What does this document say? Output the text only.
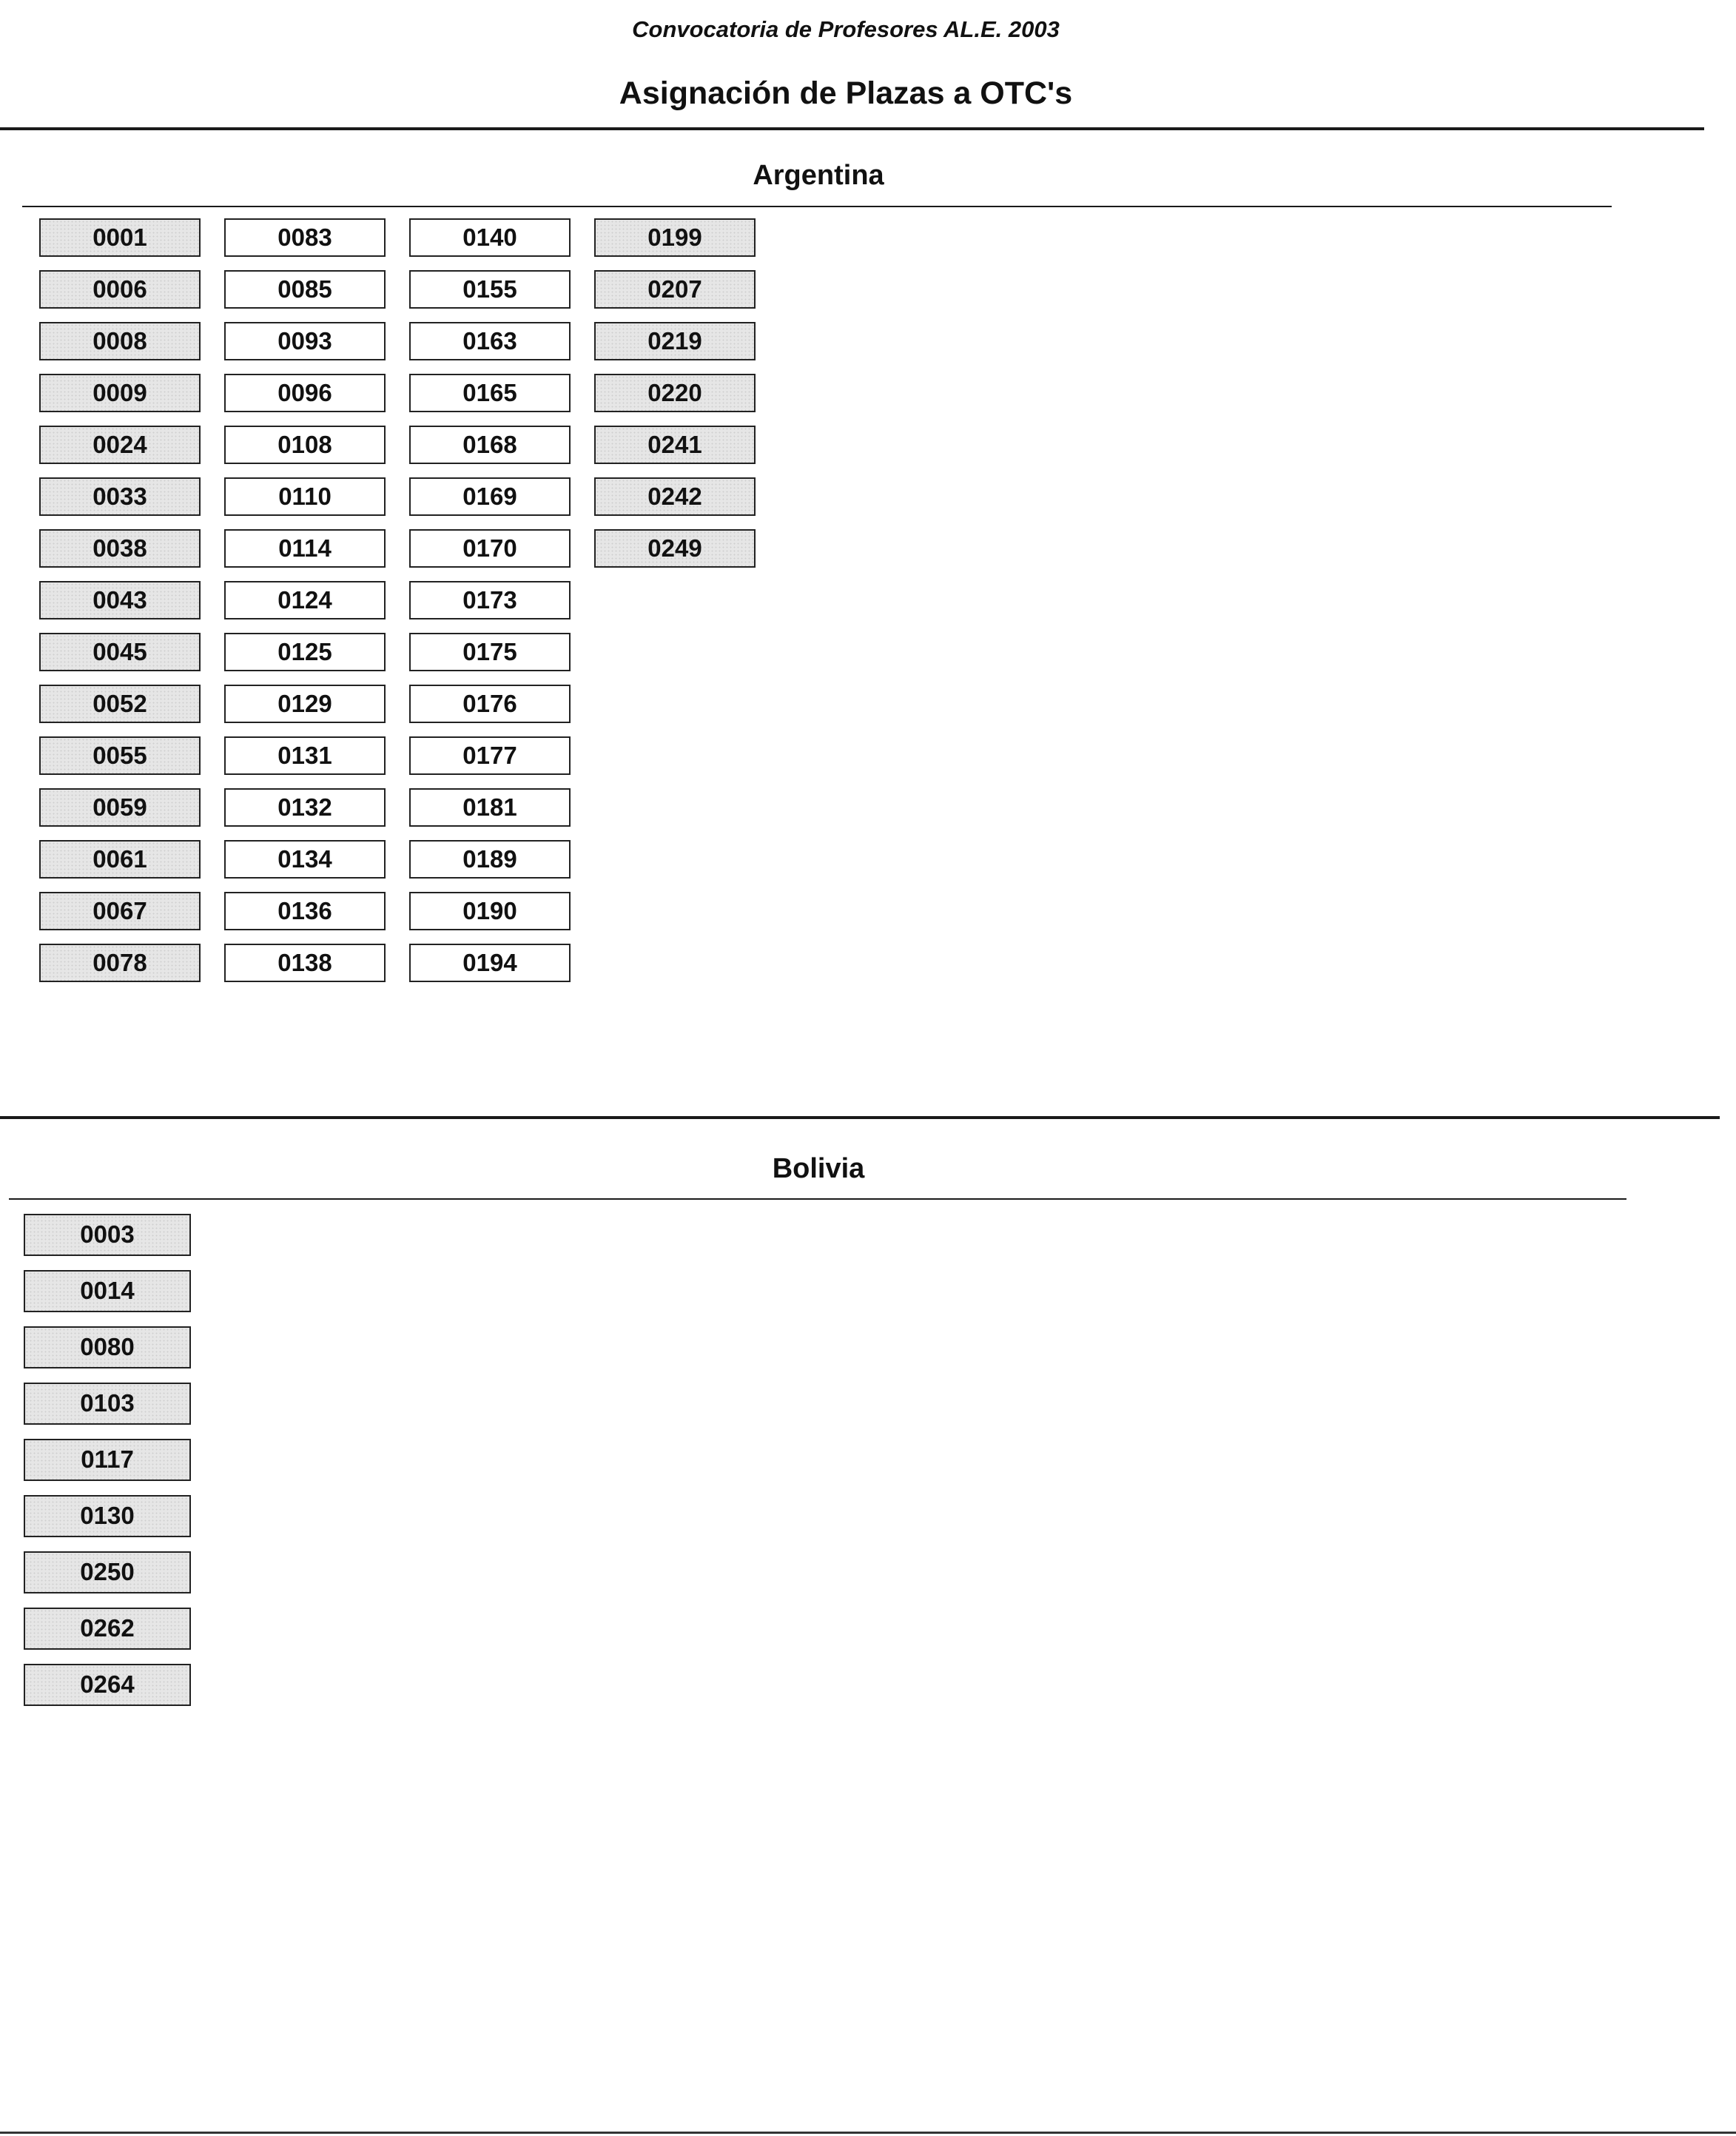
Convocatoria de Profesores AL.E. 2003
Asignación de Plazas a OTC's
Argentina
0001
0006
0008
0009
0024
0033
0038
0043
0045
0052
0055
0059
0061
0067
0078
0083
0085
0093
0096
0108
0110
0114
0124
0125
0129
0131
0132
0134
0136
0138
0140
0155
0163
0165
0168
0169
0170
0173
0175
0176
0177
0181
0189
0190
0194
0199
0207
0219
0220
0241
0242
0249
Bolivia
0003
0014
0080
0103
0117
0130
0250
0262
0264
